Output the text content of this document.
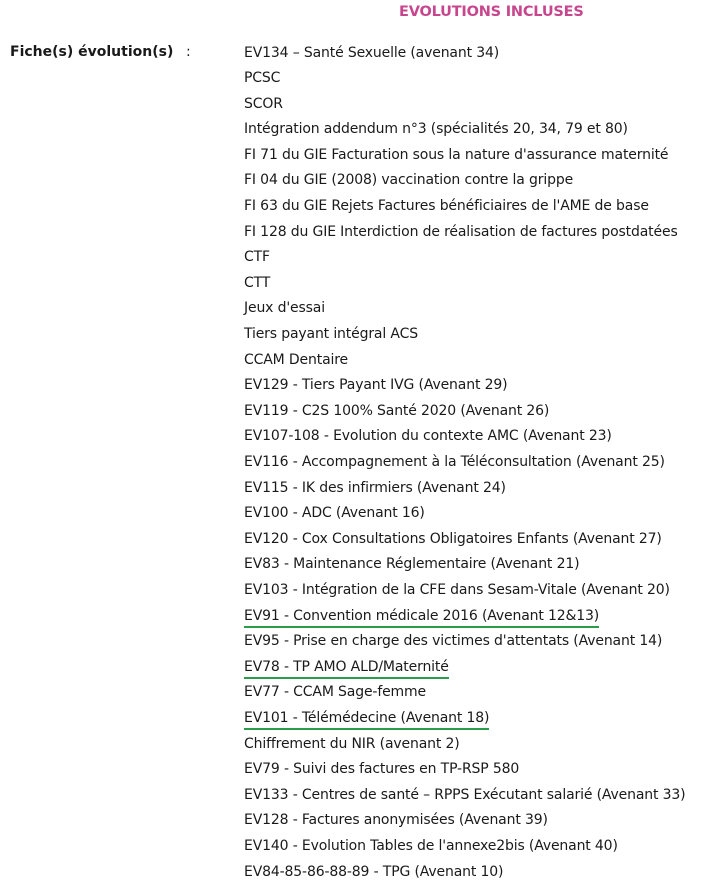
EVOLUTIONS INCLUSES
Fiche(s) évolution(s) :	EV134 – Santé Sexuelle (avenant 34)
PCSC
SCOR
Intégration addendum n°3 (spécialités 20, 34, 79 et 80)
FI 71 du GIE Facturation sous la nature d'assurance maternité
FI 04 du GIE (2008) vaccination contre la grippe
FI 63 du GIE Rejets Factures bénéficiaires de l'AME de base
FI 128 du GIE Interdiction de réalisation de factures postdatées
CTF
CTT
Jeux d'essai
Tiers payant intégral ACS
CCAM Dentaire
EV129 - Tiers Payant IVG (Avenant 29)
EV119 - C2S 100% Santé 2020 (Avenant 26)
EV107-108 - Evolution du contexte AMC (Avenant 23)
EV116 - Accompagnement à la Téléconsultation (Avenant 25)
EV115 - IK des infirmiers (Avenant 24)
EV100 - ADC (Avenant 16)
EV120 - Cox Consultations Obligatoires Enfants (Avenant 27)
EV83 - Maintenance Réglementaire (Avenant 21)
EV103 - Intégration de la CFE dans Sesam-Vitale (Avenant 20)
EV91 - Convention médicale 2016 (Avenant 12&13)
EV95 - Prise en charge des victimes d'attentats (Avenant 14)
EV78 - TP AMO ALD/Maternité
EV77 - CCAM Sage-femme
EV101 - Télémédecine (Avenant 18)
Chiffrement du NIR (avenant 2)
EV79 - Suivi des factures en TP-RSP 580
EV133 - Centres de santé – RPPS Exécutant salarié (Avenant 33)
EV128 - Factures anonymisées (Avenant 39)
EV140 - Evolution Tables de l'annexe2bis (Avenant 40)
EV84-85-86-88-89 - TPG (Avenant 10)
